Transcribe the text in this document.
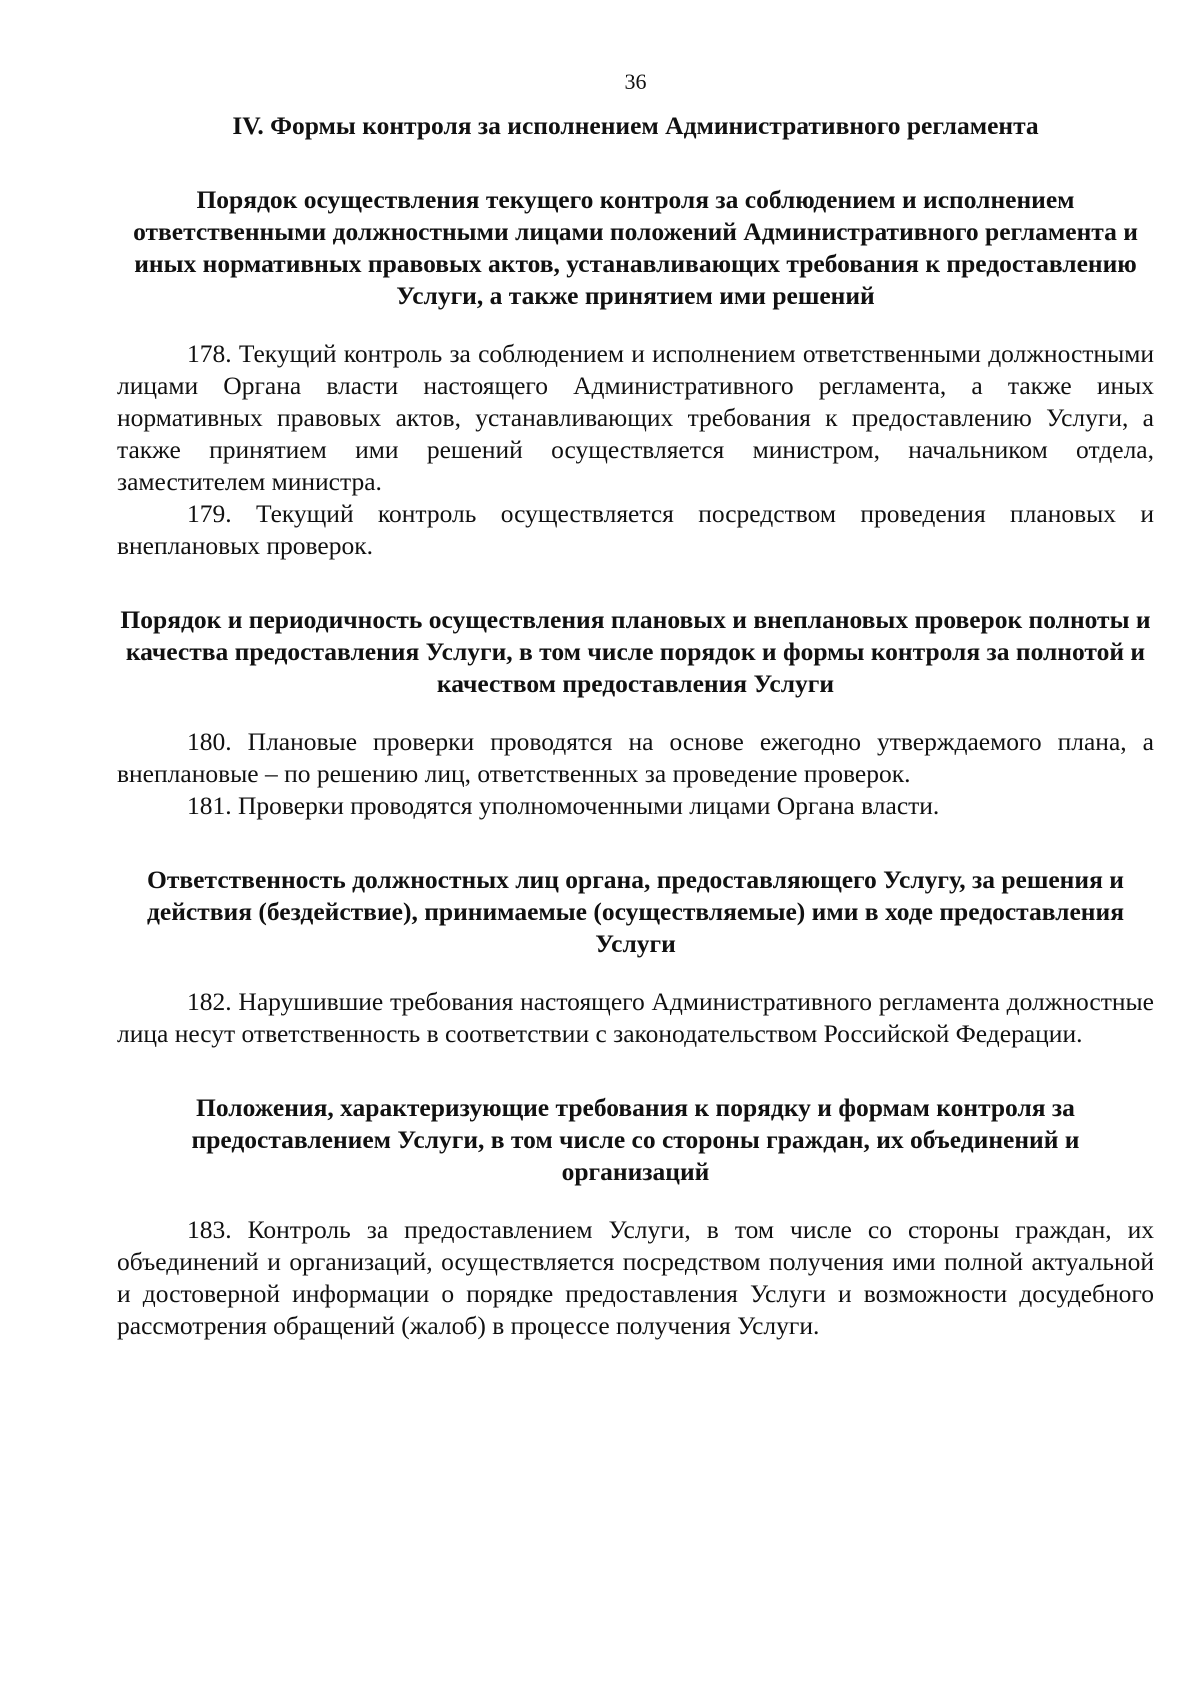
36
IV. Формы контроля за исполнением Административного регламента
Порядок осуществления текущего контроля за соблюдением и исполнением ответственными должностными лицами положений Административного регламента и иных нормативных правовых актов, устанавливающих требования к предоставлению Услуги, а также принятием ими решений

178. Текущий контроль за соблюдением и исполнением ответственными должностными лицами Органа власти настоящего Административного регламента, а также иных нормативных правовых актов, устанавливающих требования к предоставлению Услуги, а также принятием ими решений осуществляется министром, начальником отдела, заместителем министра.

179. Текущий контроль осуществляется посредством проведения плановых и внеплановых проверок.

Порядок и периодичность осуществления плановых и внеплановых проверок полноты и качества предоставления Услуги, в том числе порядок и формы контроля за полнотой и качеством предоставления Услуги

180. Плановые проверки проводятся на основе ежегодно утверждаемого плана, а внеплановые – по решению лиц, ответственных за проведение проверок.

181. Проверки проводятся уполномоченными лицами Органа власти.

Ответственность должностных лиц органа, предоставляющего Услугу, за решения и действия (бездействие), принимаемые (осуществляемые) ими в ходе предоставления Услуги

182. Нарушившие требования настоящего Административного регламента должностные лица несут ответственность в соответствии с законодательством Российской Федерации.

Положения, характеризующие требования к порядку и формам контроля за предоставлением Услуги, в том числе со стороны граждан, их объединений и организаций

183. Контроль за предоставлением Услуги, в том числе со стороны граждан, их объединений и организаций, осуществляется посредством получения ими полной актуальной и достоверной информации о порядке предоставления Услуги и возможности досудебного рассмотрения обращений (жалоб) в процессе получения Услуги.
